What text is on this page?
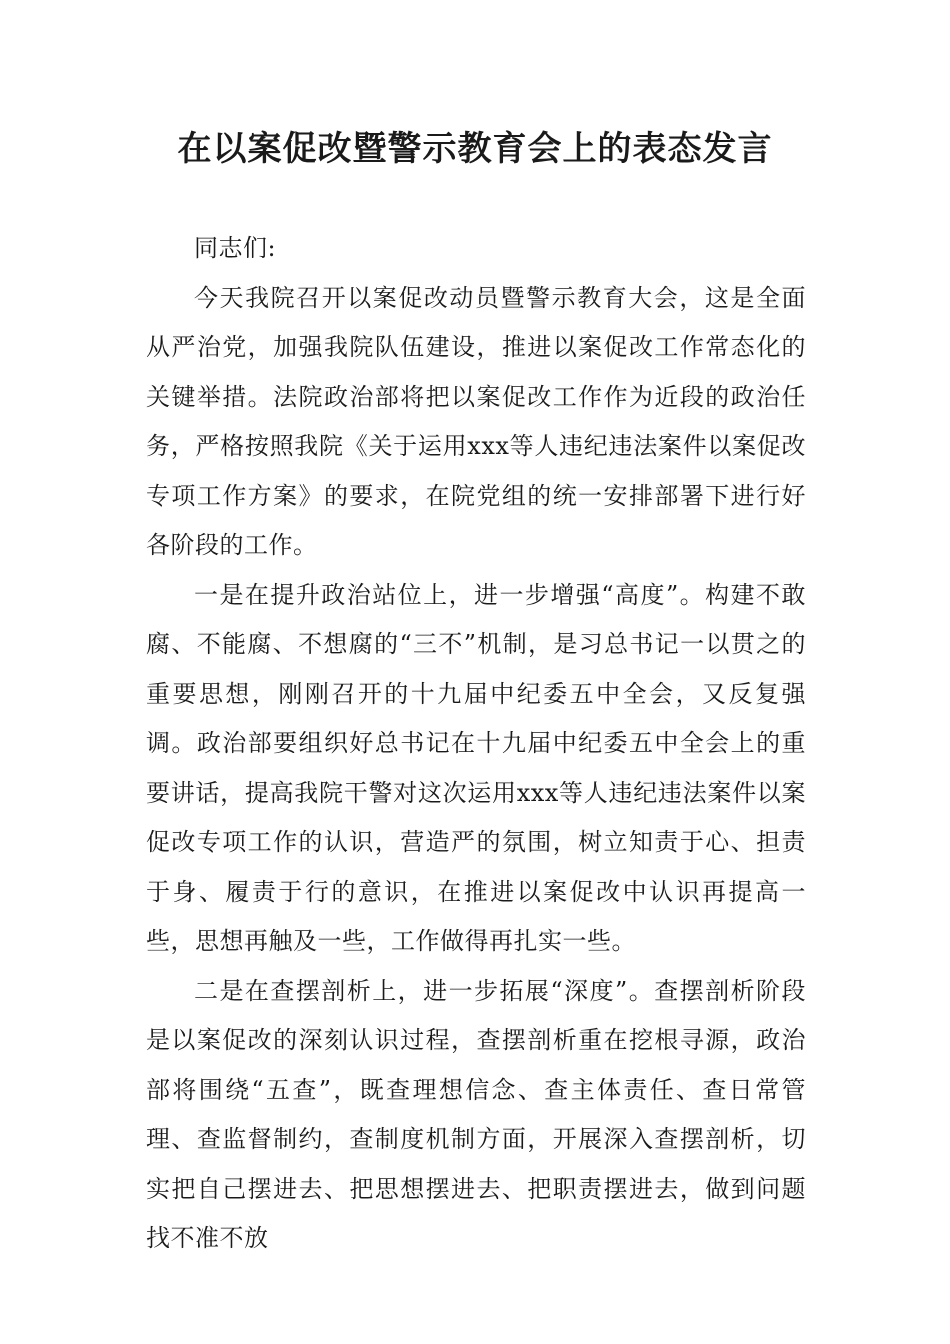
在以案促改暨警示教育会上的表态发言

同志们:

今天我院召开以案促改动员暨警示教育大会，这是全面从严治党，加强我院队伍建设，推进以案促改工作常态化的关键举措。法院政治部将把以案促改工作作为近段的政治任务，严格按照我院《关于运用xxx等人违纪违法案件以案促改专项工作方案》的要求，在院党组的统一安排部署下进行好各阶段的工作。

一是在提升政治站位上，进一步增强“高度”。构建不敢腐、不能腐、不想腐的“三不”机制，是习总书记一以贯之的重要思想，刚刚召开的十九届中纪委五中全会，又反复强调。政治部要组织好总书记在十九届中纪委五中全会上的重要讲话，提高我院干警对这次运用xxx等人违纪违法案件以案促改专项工作的认识，营造严的氛围，树立知责于心、担责于身、履责于行的意识，在推进以案促改中认识再提高一些，思想再触及一些，工作做得再扎实一些。

二是在查摆剖析上，进一步拓展“深度”。查摆剖析阶段是以案促改的深刻认识过程，查摆剖析重在挖根寻源，政治部将围绕“五查”，既查理想信念、查主体责任、查日常管理、查监督制约，查制度机制方面，开展深入查摆剖析，切实把自己摆进去、把思想摆进去、把职责摆进去，做到问题找不准不放
